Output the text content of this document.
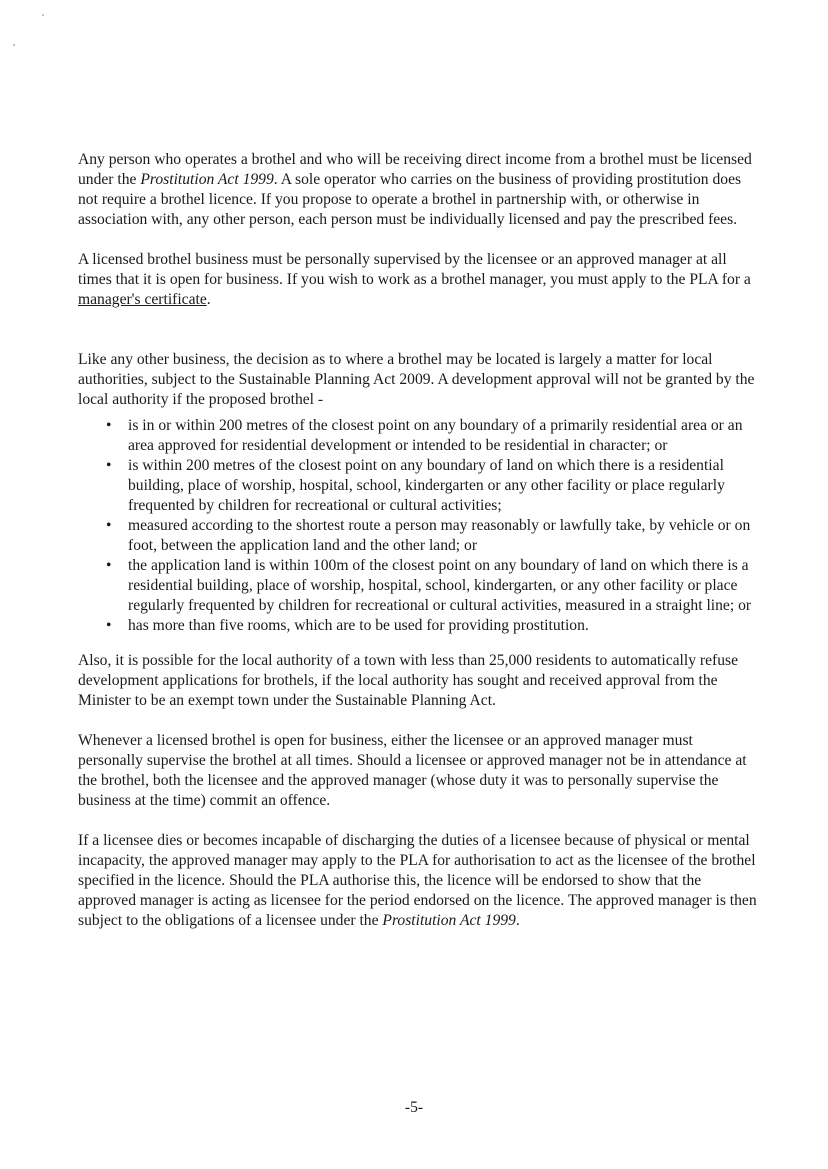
Any person who operates a brothel and who will be receiving direct income from a brothel must be licensed under the Prostitution Act 1999. A sole operator who carries on the business of providing prostitution does not require a brothel licence. If you propose to operate a brothel in partnership with, or otherwise in association with, any other person, each person must be individually licensed and pay the prescribed fees.

A licensed brothel business must be personally supervised by the licensee or an approved manager at all times that it is open for business. If you wish to work as a brothel manager, you must apply to the PLA for a manager's certificate.

Like any other business, the decision as to where a brothel may be located is largely a matter for local authorities, subject to the Sustainable Planning Act 2009. A development approval will not be granted by the local authority if the proposed brothel -

• is in or within 200 metres of the closest point on any boundary of a primarily residential area or an area approved for residential development or intended to be residential in character; or
• is within 200 metres of the closest point on any boundary of land on which there is a residential building, place of worship, hospital, school, kindergarten or any other facility or place regularly frequented by children for recreational or cultural activities;
• measured according to the shortest route a person may reasonably or lawfully take, by vehicle or on foot, between the application land and the other land; or
• the application land is within 100m of the closest point on any boundary of land on which there is a residential building, place of worship, hospital, school, kindergarten, or any other facility or place regularly frequented by children for recreational or cultural activities, measured in a straight line; or
• has more than five rooms, which are to be used for providing prostitution.

Also, it is possible for the local authority of a town with less than 25,000 residents to automatically refuse development applications for brothels, if the local authority has sought and received approval from the Minister to be an exempt town under the Sustainable Planning Act.

Whenever a licensed brothel is open for business, either the licensee or an approved manager must personally supervise the brothel at all times. Should a licensee or approved manager not be in attendance at the brothel, both the licensee and the approved manager (whose duty it was to personally supervise the business at the time) commit an offence.

If a licensee dies or becomes incapable of discharging the duties of a licensee because of physical or mental incapacity, the approved manager may apply to the PLA for authorisation to act as the licensee of the brothel specified in the licence. Should the PLA authorise this, the licence will be endorsed to show that the approved manager is acting as licensee for the period endorsed on the licence. The approved manager is then subject to the obligations of a licensee under the Prostitution Act 1999.

-5-
